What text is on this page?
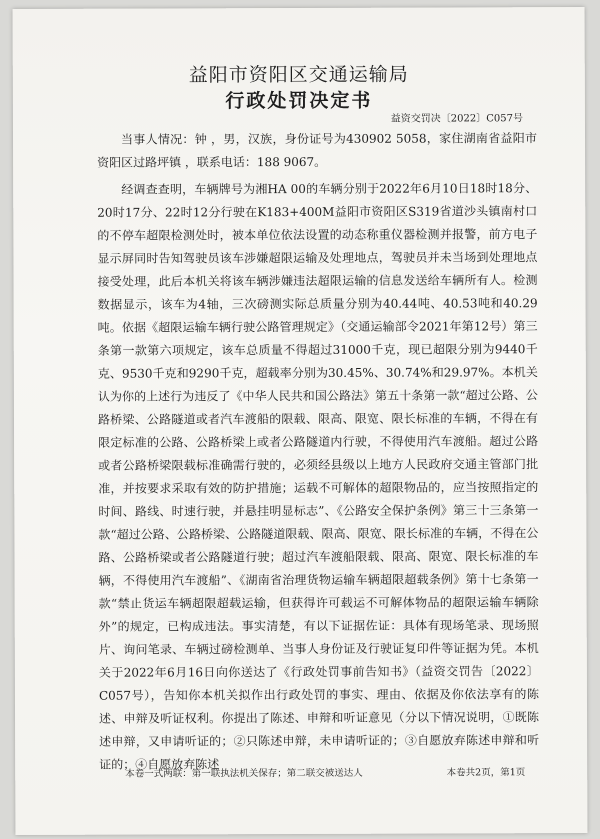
益阳市资阳区交通运输局
行政处罚决定书
益资交罚决〔2022〕C057号

当事人情况：钟 ，男，汉族，身份证号为430902 5058，家住湖南省益阳市资阳区过路坪镇 ，联系电话：188 9067。

经调查查明，车辆牌号为湘HA 00的车辆分别于2022年6月10日18时18分、20时17分、22时12分行驶在K183+400M益阳市资阳区S319省道沙头镇南村口的不停车超限检测处时，被本单位依法设置的动态称重仪器检测并报警，前方电子显示屏同时告知驾驶员该车涉嫌超限运输及处理地点，驾驶员并未当场到处理地点接受处理，此后本机关将该车辆涉嫌违法超限运输的信息发送给车辆所有人。检测数据显示，该车为4轴，三次磅测实际总质量分别为40.44吨、40.53吨和40.29吨。依据《超限运输车辆行驶公路管理规定》（交通运输部令2021年第12号）第三条第一款第六项规定，该车总质量不得超过31000千克，现已超限分别为9440千克、9530千克和9290千克，超载率分别为30.45%、30.74%和29.97%。本机关认为你的上述行为违反了《中华人民共和国公路法》第五十条第一款“超过公路、公路桥梁、公路隧道或者汽车渡船的限载、限高、限宽、限长标准的车辆，不得在有限定标准的公路、公路桥梁上或者公路隧道内行驶，不得使用汽车渡船。超过公路或者公路桥梁限载标准确需行驶的，必须经县级以上地方人民政府交通主管部门批准，并按要求采取有效的防护措施；运载不可解体的超限物品的，应当按照指定的时间、路线、时速行驶，并悬挂明显标志”、《公路安全保护条例》第三十三条第一款“超过公路、公路桥梁、公路隧道限载、限高、限宽、限长标准的车辆，不得在公路、公路桥梁或者公路隧道行驶；超过汽车渡船限载、限高、限宽、限长标准的车辆，不得使用汽车渡船”、《湖南省治理货物运输车辆超限超载条例》第十七条第一款“禁止货运车辆超限超载运输，但获得许可载运不可解体物品的超限运输车辆除外”的规定，已构成违法。事实清楚，有以下证据佐证：具体有现场笔录、现场照片、询问笔录、车辆过磅检测单、当事人身份证及行驶证复印件等证据为凭。本机关于2022年6月16日向你送达了《行政处罚事前告知书》（益资交罚告〔2022〕C057号），告知你本机关拟作出行政处罚的事实、理由、依据及你依法享有的陈述、申辩及听证权利。你提出了陈述、申辩和听证意见（分以下情况说明，①既陈述申辩，又申请听证的；②只陈述申辩，未申请听证的；③自愿放弃陈述申辩和听证的；④自愿放弃陈述

本卷一式两联：第一联执法机关保存；第二联交被送达人	本卷共2页，第1页
